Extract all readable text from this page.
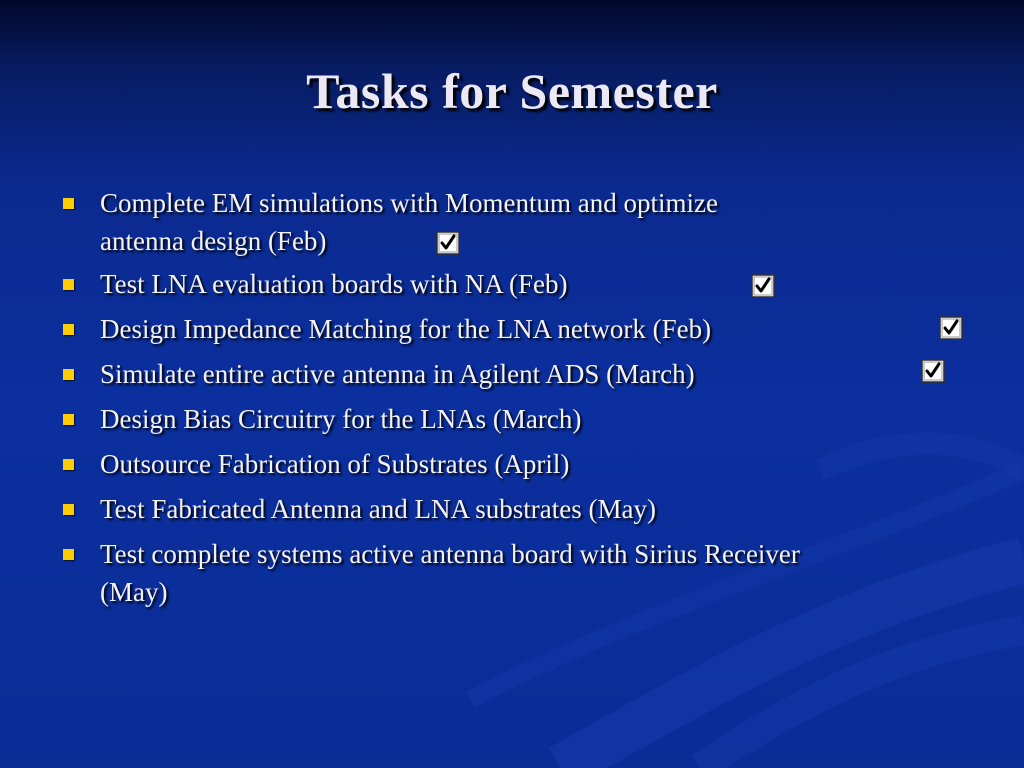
Tasks for Semester
Complete EM simulations with Momentum and optimize
antenna design (Feb)
Test LNA evaluation boards with NA (Feb)
Design Impedance Matching for the LNA network (Feb)
Simulate entire active antenna in Agilent ADS (March)
Design Bias Circuitry for the LNAs (March)
Outsource Fabrication of Substrates (April)
Test Fabricated Antenna and LNA substrates (May)
Test complete systems active antenna board with Sirius Receiver
(May)
